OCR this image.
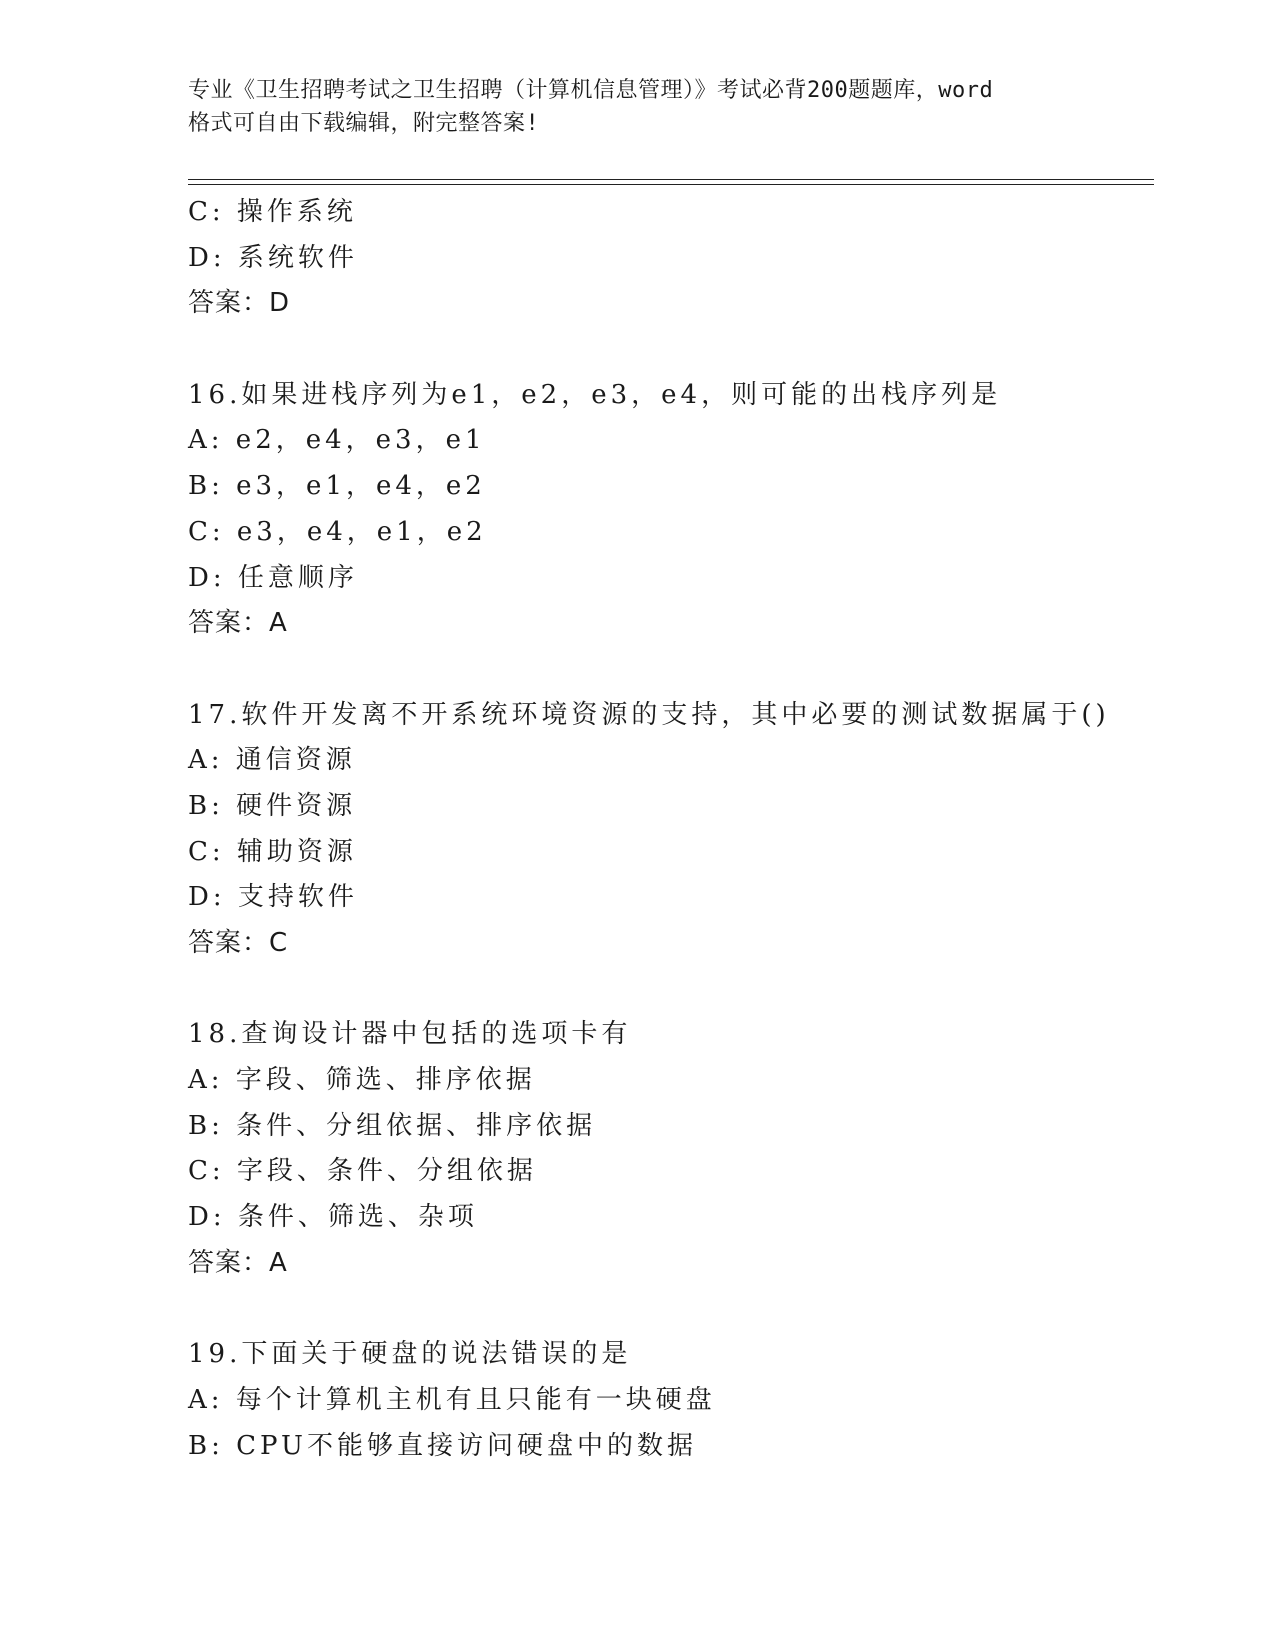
专业《卫生招聘考试之卫生招聘（计算机信息管理）》考试必背200题题库，word
格式可自由下载编辑，附完整答案!
C: 操作系统
D: 系统软件
答案：D
16.如果进栈序列为e1，e2，e3，e4，则可能的出栈序列是
A: e2，e4，e3，e1
B: e3，e1，e4，e2
C: e3，e4，e1，e2
D: 任意顺序
答案：A
17.软件开发离不开系统环境资源的支持，其中必要的测试数据属于()
A: 通信资源
B: 硬件资源
C: 辅助资源
D: 支持软件
答案：C
18.查询设计器中包括的选项卡有
A: 字段、筛选、排序依据
B: 条件、分组依据、排序依据
C: 字段、条件、分组依据
D: 条件、筛选、杂项
答案：A
19.下面关于硬盘的说法错误的是
A: 每个计算机主机有且只能有一块硬盘
B: CPU不能够直接访问硬盘中的数据
